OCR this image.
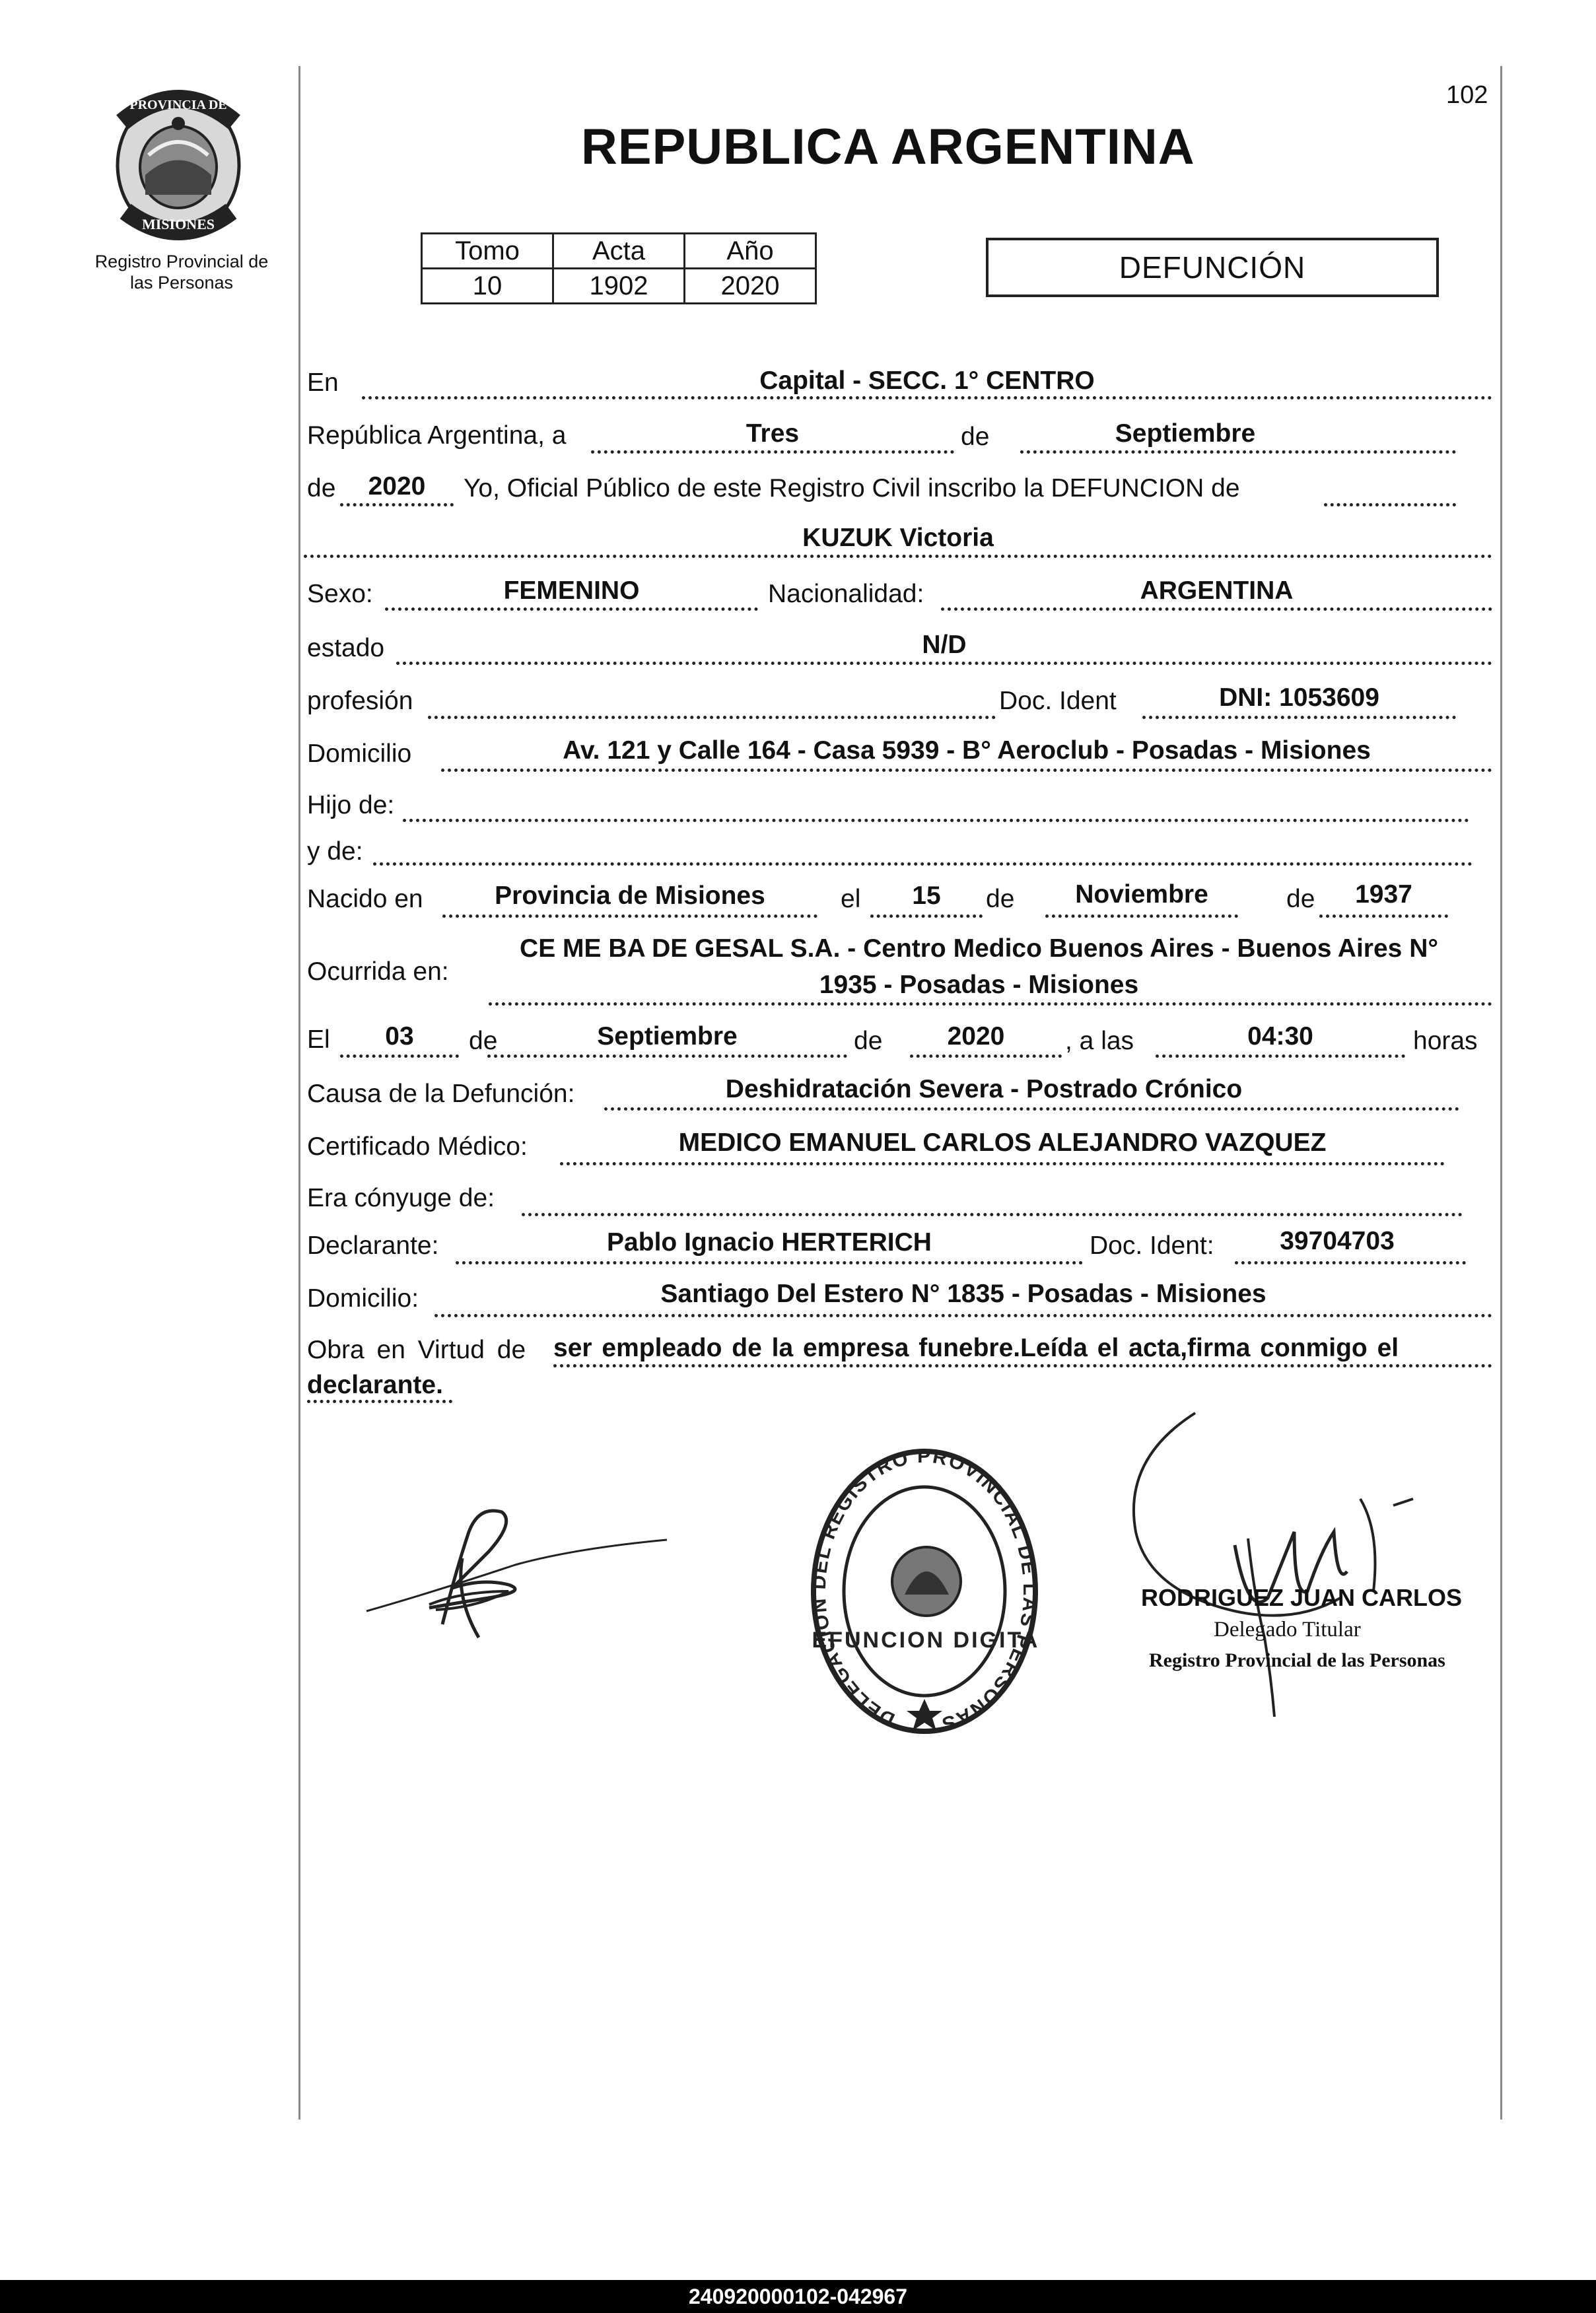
102
PROVINCIA DE
MISIONES
Registro Provincial de
las Personas
REPUBLICA ARGENTINA
Tomo	Acta	Año
10	1902	2020
DEFUNCIÓN
En	Capital - SECC. 1° CENTRO
República Argentina, a	Tres	de	Septiembre
de	2020	Yo, Oficial Público de este Registro Civil inscribo la DEFUNCION de
KUZUK Victoria
Sexo:	FEMENINO	Nacionalidad:	ARGENTINA
estado	N/D
profesión	Doc. Ident	DNI: 1053609
Domicilio	Av. 121 y Calle 164 - Casa 5939 - B° Aeroclub - Posadas - Misiones
Hijo de:
y de:
Nacido en	Provincia de Misiones	el	15	de	Noviembre	de	1937
Ocurrida en:
CE ME BA DE GESAL S.A. - Centro Medico Buenos Aires - Buenos Aires N°
1935 - Posadas - Misiones
El	03	de	Septiembre	de	2020	, a las	04:30	horas
Causa de la Defunción:	Deshidratación Severa - Postrado Crónico
Certificado Médico:	MEDICO EMANUEL CARLOS ALEJANDRO VAZQUEZ
Era cónyuge de:
Declarante:	Pablo Ignacio HERTERICH	Doc. Ident:	39704703
Domicilio:	Santiago Del Estero N° 1835 - Posadas - Misiones
Obra en Virtud de ser empleado de la empresa funebre.Leída el acta,firma conmigo el
declarante.
DELEGACION DEL REGISTRO PROVINCIAL DE LAS PERSONAS
EFUNCION DIGITA
RODRIGUEZ JUAN CARLOS
Delegado Titular
Registro Provincial de las Personas
240920000102-042967
